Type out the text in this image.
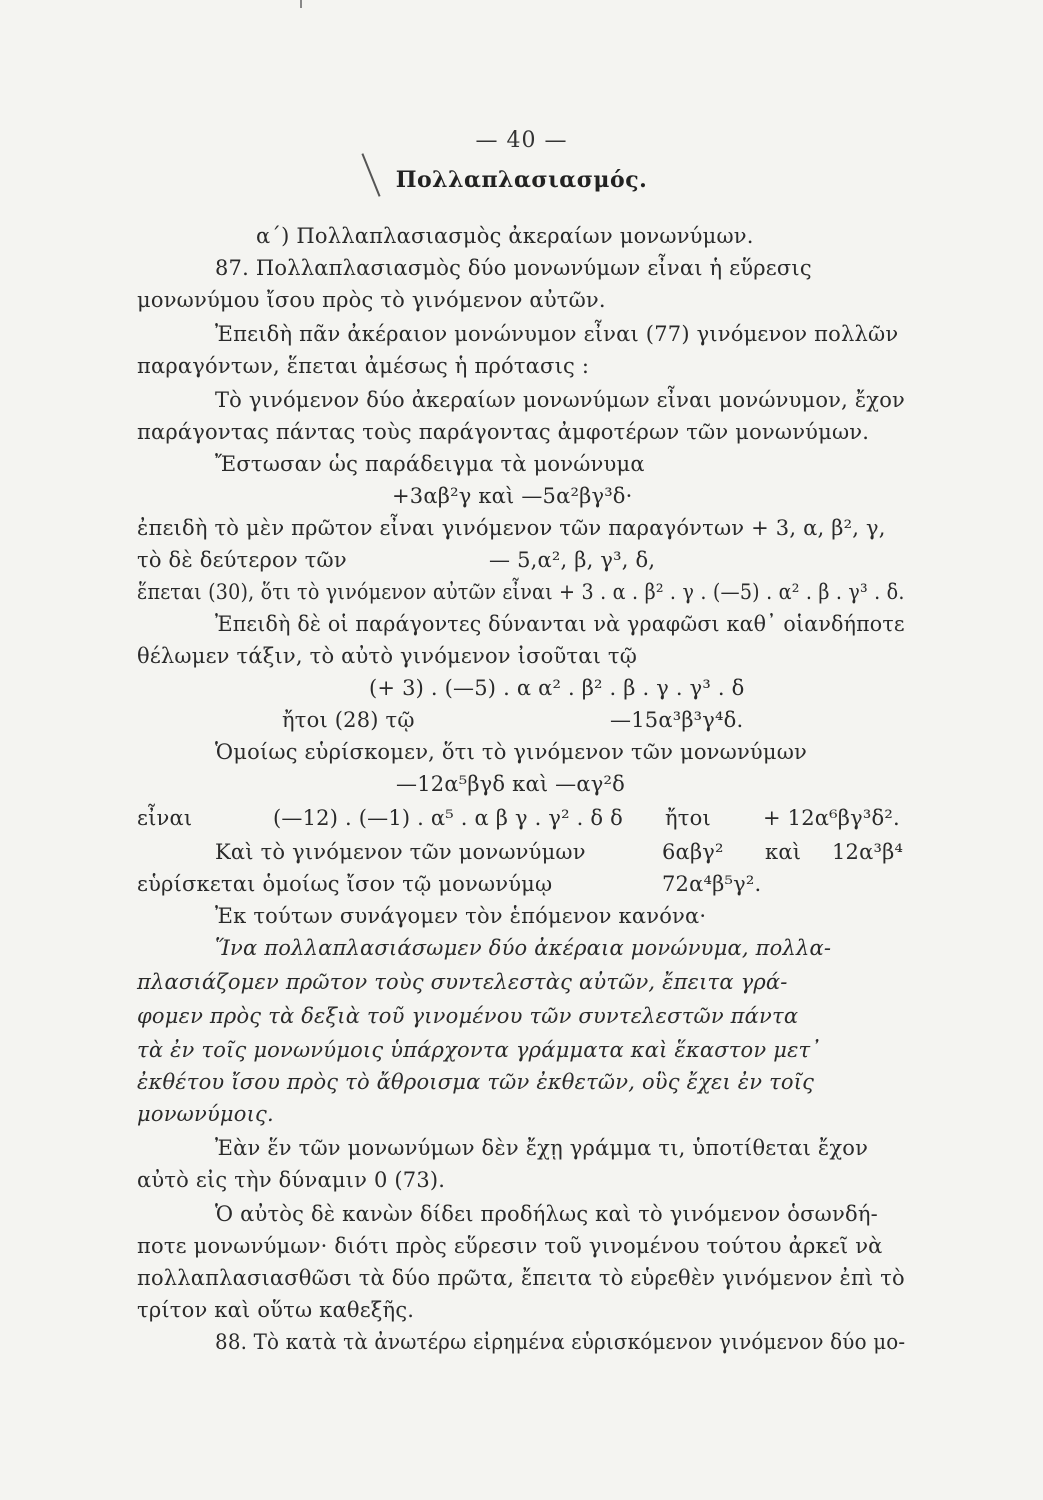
— 40 —
Πολλαπλασιασμός.
α΄) Πολλαπλασιασμὸς ἀκεραίων μονωνύμων.
87. Πολλαπλασιασμὸς δύο μονωνύμων εἶναι ἡ εὕρεσις
μονωνύμου ἴσου πρὸς τὸ γινόμενον αὐτῶν.
Ἐπειδὴ πᾶν ἀκέραιον μονώνυμον εἶναι (77) γινόμενον πολλῶν
παραγόντων, ἕπεται ἀμέσως ἡ πρότασις :
Τὸ γινόμενον δύο ἀκεραίων μονωνύμων εἶναι μονώνυμον, ἔχον
παράγοντας πάντας τοὺς παράγοντας ἀμφοτέρων τῶν μονωνύμων.
Ἔστωσαν ὡς παράδειγμα τὰ μονώνυμα
+3αβ²γ καὶ —5α²βγ³δ·
ἐπειδὴ τὸ μὲν πρῶτον εἶναι γινόμενον τῶν παραγόντων + 3, α, β², γ,
τὸ δὲ δεύτερον τῶν	— 5,α², β, γ³, δ,
ἕπεται (30), ὅτι τὸ γινόμενον αὐτῶν εἶναι + 3 . α . β² . γ . (—5) . α² . β . γ³ . δ.
Ἐπειδὴ δὲ οἱ παράγοντες δύνανται νὰ γραφῶσι καθ᾽ οἱανδήποτε
θέλωμεν τάξιν, τὸ αὐτὸ γινόμενον ἰσοῦται τῷ
(+ 3) . (—5) . α α² . β² . β . γ . γ³ . δ
ἤτοι (28) τῷ	—15α³β³γ⁴δ.
Ὁμοίως εὑρίσκομεν, ὅτι τὸ γινόμενον τῶν μονωνύμων
—12α⁵βγδ καὶ —αγ²δ
εἶναι	(—12) . (—1) . α⁵ . α β γ . γ² . δ δ ἤτοι + 12α⁶βγ³δ².
Καὶ τὸ γινόμενον τῶν μονωνύμων	6αβγ² καὶ 12α³β⁴
εὑρίσκεται ὁμοίως ἴσον τῷ μονωνύμῳ	72α⁴β⁵γ².
Ἐκ τούτων συνάγομεν τὸν ἑπόμενον κανόνα·
Ἵνα πολλαπλασιάσωμεν δύο ἀκέραια μονώνυμα, πολλα-
πλασιάζομεν πρῶτον τοὺς συντελεστὰς αὐτῶν, ἔπειτα γρά-
φομεν πρὸς τὰ δεξιὰ τοῦ γινομένου τῶν συντελεστῶν πάντα
τὰ ἐν τοῖς μονωνύμοις ὑπάρχοντα γράμματα καὶ ἕκαστον μετ᾽
ἐκθέτου ἴσου πρὸς τὸ ἄθροισμα τῶν ἐκθετῶν, οὓς ἔχει ἐν τοῖς
μονωνύμοις.
Ἐὰν ἕν τῶν μονωνύμων δὲν ἔχῃ γράμμα τι, ὑποτίθεται ἔχον
αὐτὸ εἰς τὴν δύναμιν 0 (73).
Ὁ αὐτὸς δὲ κανὼν δίδει προδήλως καὶ τὸ γινόμενον ὁσωνδή-
ποτε μονωνύμων· διότι πρὸς εὕρεσιν τοῦ γινομένου τούτου ἀρκεῖ νὰ
πολλαπλασιασθῶσι τὰ δύο πρῶτα, ἔπειτα τὸ εὑρεθὲν γινόμενον ἐπὶ τὸ
τρίτον καὶ οὕτω καθεξῆς.
88. Τὸ κατὰ τὰ ἀνωτέρω εἰρημένα εὑρισκόμενον γινόμενον δύο μο-
